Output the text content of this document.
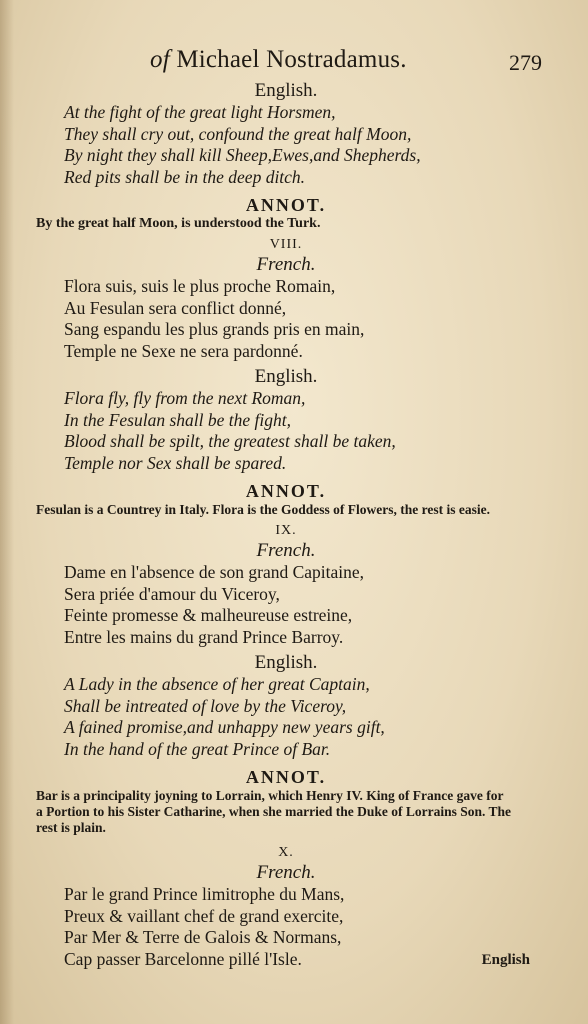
of Michael Nostradamus.	279
English.
At the fight of the great light Horsmen,
They shall cry out, confound the great half Moon,
By night they shall kill Sheep,Ewes,and Shepherds,
Red pits shall be in the deep ditch.
ANNOT.
By the great half Moon, is understood the Turk.
VIII.
French.
Flora suis, suis le plus proche Romain,
Au Fesulan sera conflict donné,
Sang espandu les plus grands pris en main,
Temple ne Sexe ne sera pardonné.
English.
Flora fly, fly from the next Roman,
In the Fesulan shall be the fight,
Blood shall be spilt, the greatest shall be taken,
Temple nor Sex shall be spared.
ANNOT.
Fesulan is a Countrey in Italy. Flora is the Goddess of Flowers, the rest is easie.
IX.
French.
Dame en l'absence de son grand Capitaine,
Sera priée d'amour du Viceroy,
Feinte promesse & malheureuse estreine,
Entre les mains du grand Prince Barroy.
English.
A Lady in the absence of her great Captain,
Shall be intreated of love by the Viceroy,
A fained promise,and unhappy new years gift,
In the hand of the great Prince of Bar.
ANNOT.
Bar is a principality joyning to Lorrain, which Henry IV. King of France gave for
a Portion to his Sister Catharine, when she married the Duke of Lorrains Son. The
rest is plain.
X.
French.
Par le grand Prince limitrophe du Mans,
Preux & vaillant chef de grand exercite,
Par Mer & Terre de Galois & Normans,
Cap passer Barcelonne pillé l'Isle.	English
